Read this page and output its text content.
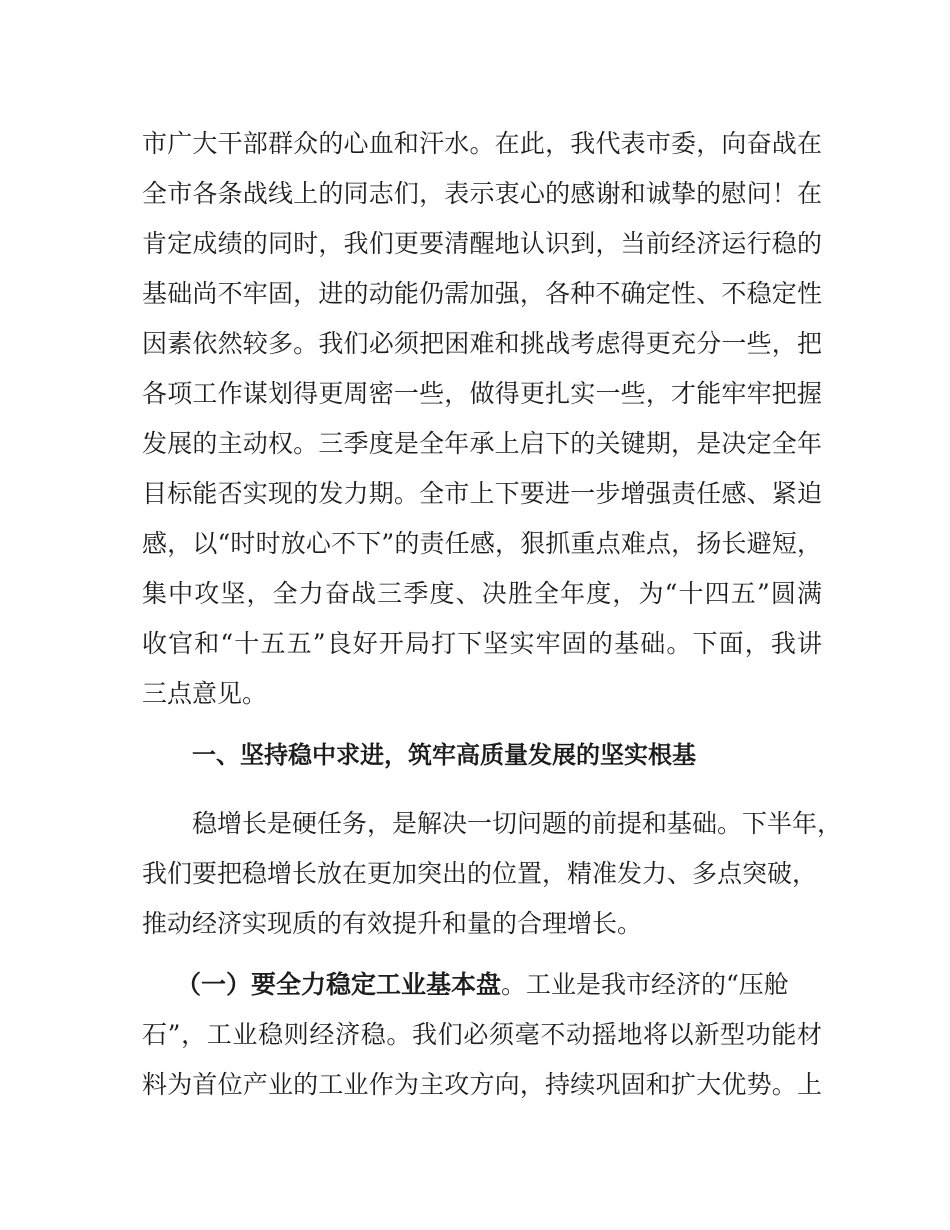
市广大干部群众的心血和汗水。在此，我代表市委，向奋战在
全市各条战线上的同志们，表示衷心的感谢和诚挚的慰问！在
肯定成绩的同时，我们更要清醒地认识到，当前经济运行稳的
基础尚不牢固，进的动能仍需加强，各种不确定性、不稳定性
因素依然较多。我们必须把困难和挑战考虑得更充分一些，把
各项工作谋划得更周密一些，做得更扎实一些，才能牢牢把握
发展的主动权。三季度是全年承上启下的关键期，是决定全年
目标能否实现的发力期。全市上下要进一步增强责任感、紧迫
感，以“时时放心不下”的责任感，狠抓重点难点，扬长避短，
集中攻坚，全力奋战三季度、决胜全年度，为“十四五”圆满
收官和“十五五”良好开局打下坚实牢固的基础。下面，我讲
三点意见。
一、坚持稳中求进，筑牢高质量发展的坚实根基
稳增长是硬任务，是解决一切问题的前提和基础。下半年，
我们要把稳增长放在更加突出的位置，精准发力、多点突破，
推动经济实现质的有效提升和量的合理增长。
（一）要全力稳定工业基本盘。工业是我市经济的“压舱
石”，工业稳则经济稳。我们必须毫不动摇地将以新型功能材
料为首位产业的工业作为主攻方向，持续巩固和扩大优势。上
